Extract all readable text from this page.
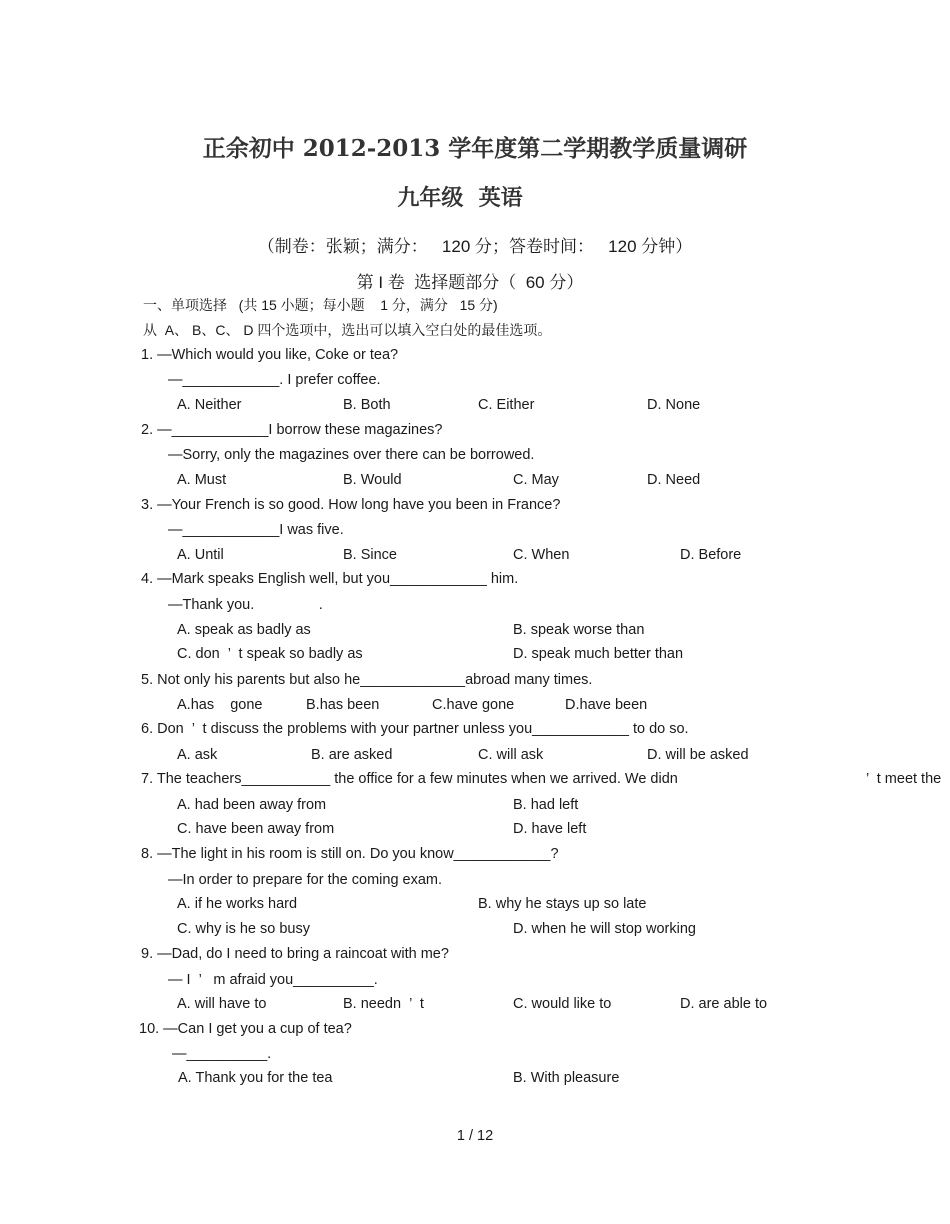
正余初中 2012-2013 学年度第二学期教学质量调研
九年级  英语
（制卷：张颖；满分：   120 分；答卷时间：   120 分钟）
第 I 卷  选择题部分（  60 分）
一、单项选择   (共 15 小题；每小题    1 分，满分   15 分)
从  A、 B、C、 D 四个选项中，选出可以填入空白处的最佳选项。
1. —Which would you like, Coke or tea?
—____________. I prefer coffee.
A. Neither	B. Both	C. Either	D. None
2. —____________I borrow these magazines?
—Sorry, only the magazines over there can be borrowed.
A. Must	B. Would	C. May	D. Need
3. —Your French is so good. How long have you been in France?
—____________I was five.
A. Until	B. Since	C. When	D. Before
4. —Mark speaks English well, but you____________ him.
—Thank you.                .
A. speak as badly as	B. speak worse than
C. don  ’  t speak so badly as	D. speak much better than
5. Not only his parents but also he_____________abroad many times.
A.has    gone	B.has been	C.have gone	D.have been
6. Don  ’  t discuss the problems with your partner unless you____________ to do so.
A. ask	B. are asked	C. will ask	D. will be asked
7. The teachers___________ the office for a few minutes when we arrived. We didn	’  t meet the
A. had been away from	B. had left
C. have been away from	D. have left
8. —The light in his room is still on. Do you know____________?
—In order to prepare for the coming exam.
A. if he works hard	B. why he stays up so late
C. why is he so busy	D. when he will stop working
9. —Dad, do I need to bring a raincoat with me?
— I  ’   m afraid you__________.
A. will have to	B. needn  ’  t	C. would like to	D. are able to
10. —Can I get you a cup of tea?
—__________.
A. Thank you for the tea	B. With pleasure
1 / 12
